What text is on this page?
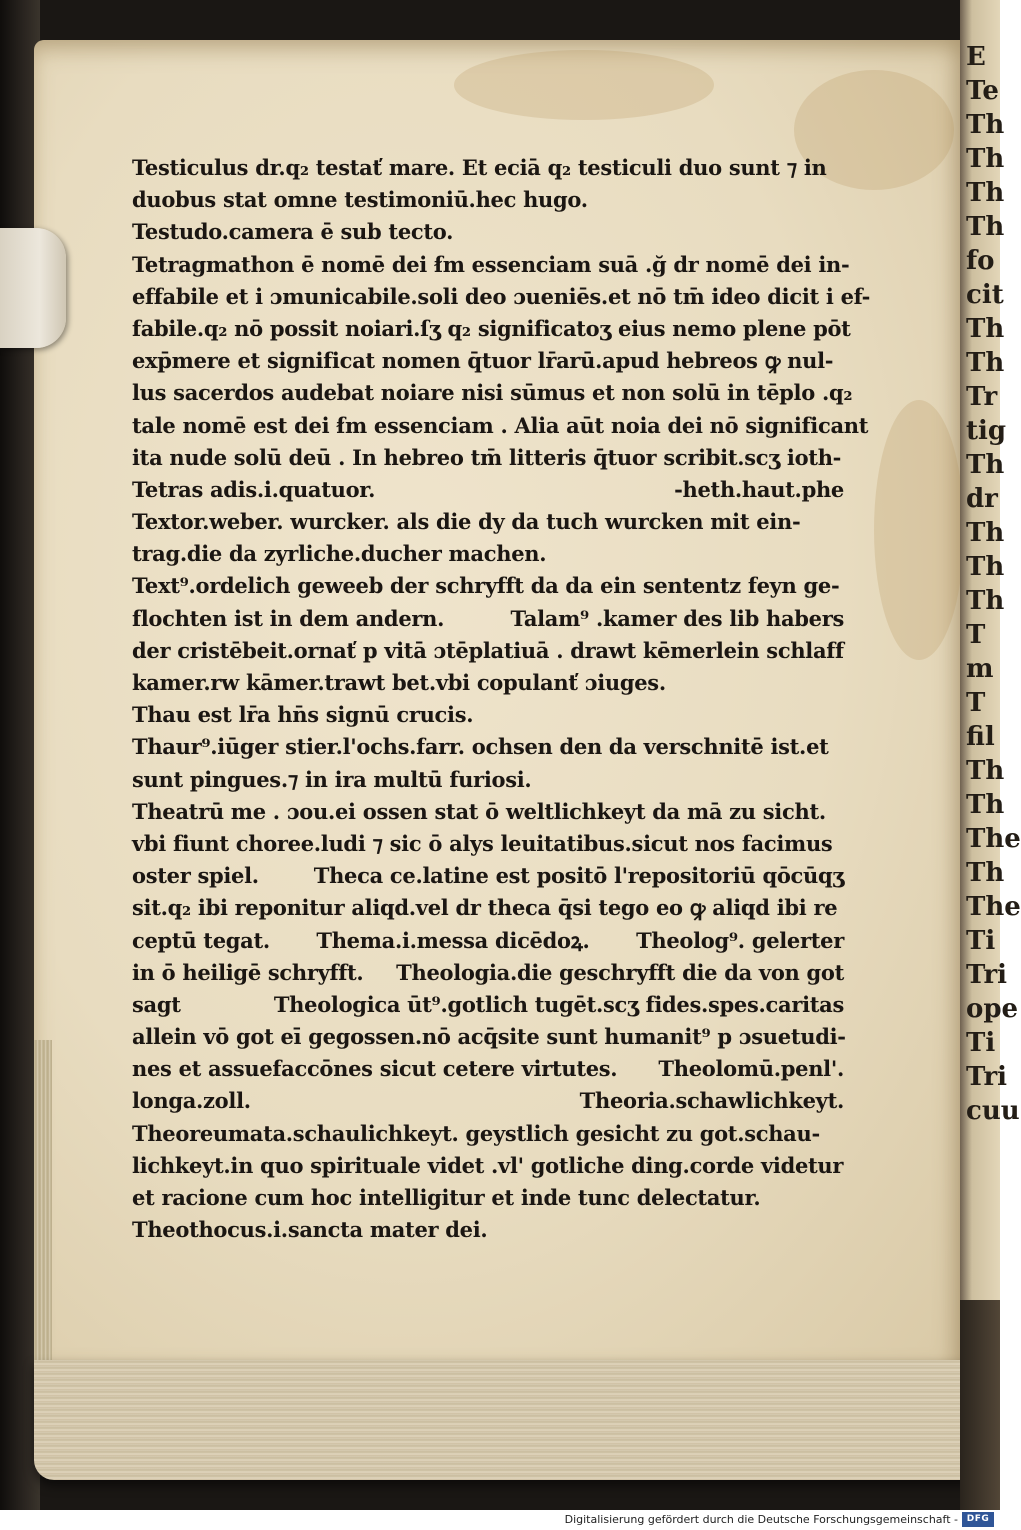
E
Te
Th
Th
Th
Th
fo
cit
Th
Th
Tr
tig
Th
dr
Th
Th
Th
T
m
T
fil
Th
Th
The
Th
The
Ti
Tri
ope
Ti
Tri
cuu
Testiculus dr.q₂ testať mare. Et eciā q₂ testiculi duo sunt ⁊ in
duobus stat omne testimoniū.hec hugo.
Testudo.camera ē sub tecto.
Tetragmathon ē nomē dei ẜm essenciam suā .ğ dr nomē dei in-
effabile et i ɔmunicabile.soli deo ɔueniēs.et nō tm̄ ideo dicit i ef-
fabile.q₂ nō possit noiari.ſʒ q₂ significatoʒ eius nemo plene pōt
exp̄mere et significat nomen q̄tuor lr̄arū.apud hebreos ꝙ nul-
lus sacerdos audebat noiare nisi sūmus et non solū in tēplo .q₂
tale nomē est dei ẜm essenciam . Alia aūt noia dei nō significant
ita nude solū deū . In hebreo tm̄ litteris q̄tuor scribit.scʒ ioth-
Tetras adis.i.quatuor.	-heth.haut.phe
Textor.weber. wurcker. als die dy da tuch wurcken mit ein-
trag.die da zyrliche.ducher machen.
Text⁹.ordelich geweeb der schryfft da da ein sententz feyn ge-
flochten ist in dem andern.	Talam⁹ .kamer des lib habers
der cristēbeit.ornať p vitā ɔtēplatiuā . drawt kēmerlein schlaff
kamer.rw kāmer.trawt bet.vbi copulanť ɔiuges.
Thau est lr̄a hn̄s signū crucis.
Thaur⁹.iūger stier.l'ochs.farr. ochsen den da verschnitē ist.et
sunt pingues.⁊ in ira multū furiosi.
Theatrū me . ɔou.ei ossen stat ō weltlichkeyt da mā zu sicht.
vbi fiunt choree.ludi ⁊ sic ō alys leuitatibus.sicut nos facimus
oster spiel.	Theca ce.latine est positō l'repositoriū qōcūqʒ
sit.q₂ ibi reponitur aliqd.vel dr theca q̄si tego eo ꝙ aliqd ibi re
ceptū tegat. Thema.i.messa dicēdoꝝ. Theolog⁹. gelerter
in ō heiligē schryfft. Theologia.die geschryfft die da von got
sagt	Theologica ūt⁹.gotlich tugēt.scʒ fides.spes.caritas
allein vō got eī gegossen.nō acq̄site sunt humanit⁹ p ɔsuetudi-
nes et assuefaccōnes sicut cetere virtutes. Theolomū.penl'.
longa.zoll.	Theoria.schawlichkeyt.
Theoreumata.schaulichkeyt. geystlich gesicht zu got.schau-
lichkeyt.in quo spirituale videt .vl' gotliche ding.corde videtur
et racione cum hoc intelligitur et inde tunc delectatur.
Theothocus.i.sancta mater dei.
Digitalisierung gefördert durch die Deutsche Forschungsgemeinschaft - DFG
